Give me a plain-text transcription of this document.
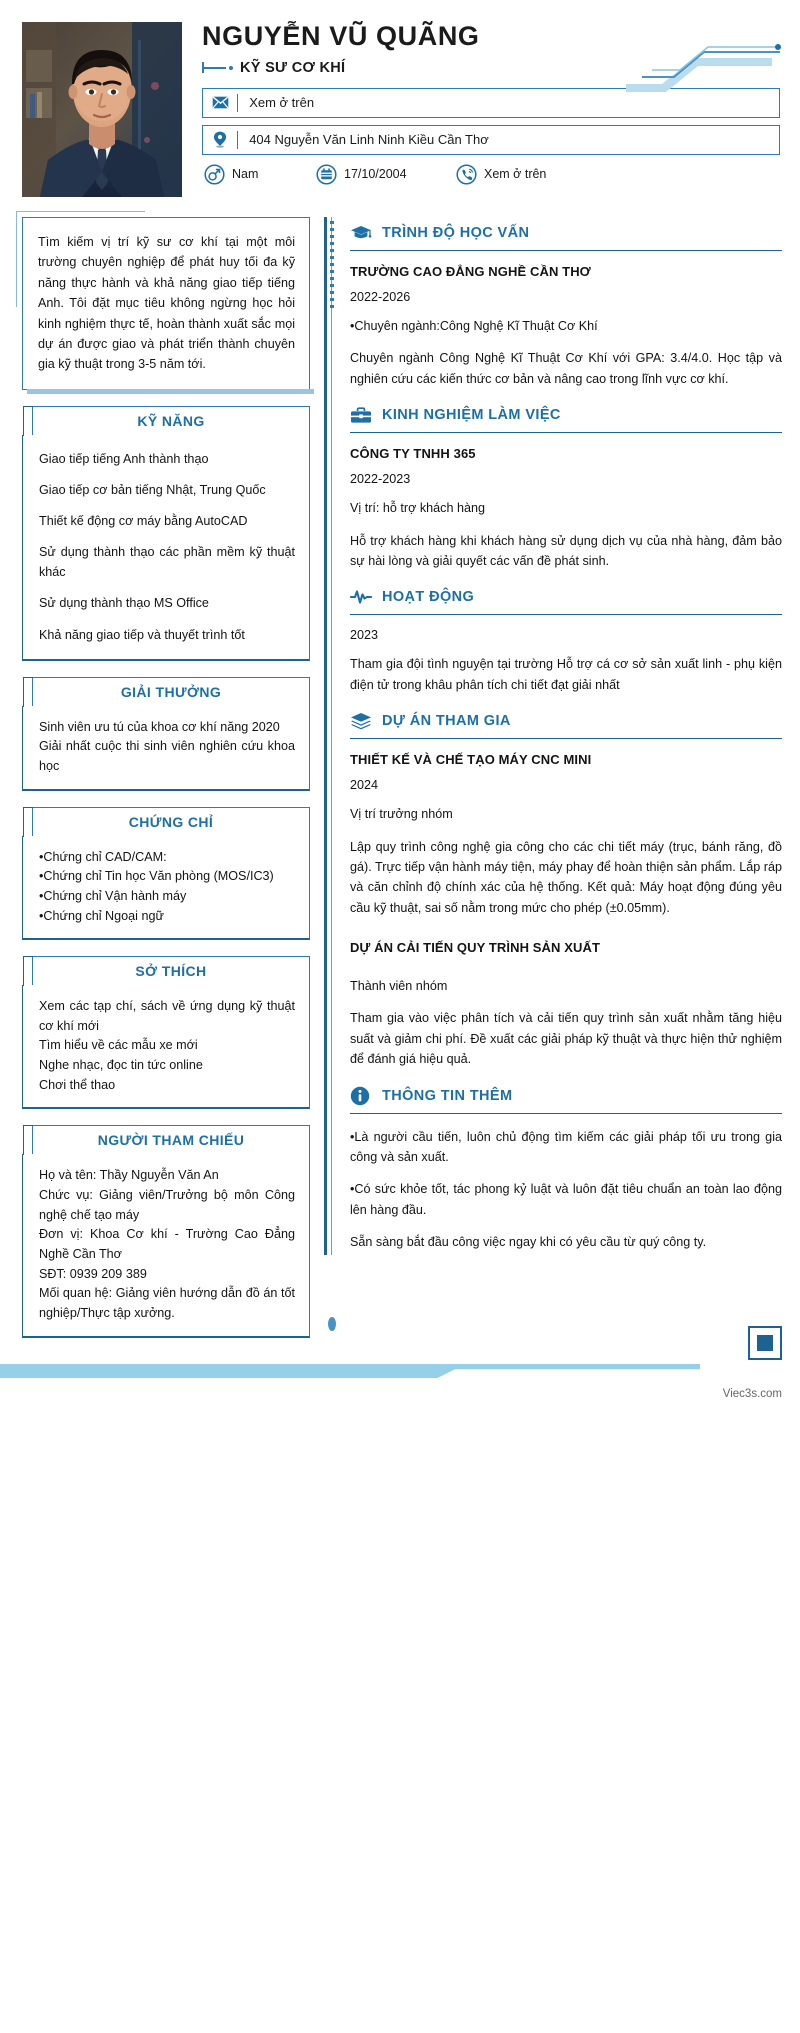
NGUYỄN VŨ QUÃNG
KỸ SƯ CƠ KHÍ
Xem ở trên
404 Nguyễn Văn Linh Ninh Kiều Cần Thơ
Nam	17/10/2004	Xem ở trên
Tìm kiếm vị trí kỹ sư cơ khí tại một môi trường chuyên nghiệp để phát huy tối đa kỹ năng thực hành và khả năng giao tiếp tiếng Anh. Tôi đặt mục tiêu không ngừng học hỏi kinh nghiệm thực tế, hoàn thành xuất sắc mọi dự án được giao và phát triển thành chuyên gia kỹ thuật trong 3-5 năm tới.
KỸ NĂNG
Giao tiếp tiếng Anh thành thạo
Giao tiếp cơ bản tiếng Nhật, Trung Quốc
Thiết kế động cơ máy bằng AutoCAD
Sử dụng thành thạo các phần mềm kỹ thuật khác
Sử dụng thành thạo MS Office
Khả năng giao tiếp và thuyết trình tốt
GIẢI THƯỞNG
Sinh viên ưu tú của khoa cơ khí năng 2020
Giải nhất cuộc thi sinh viên nghiên cứu khoa học
CHỨNG CHỈ
•Chứng chỉ CAD/CAM:
•Chứng chỉ Tin học Văn phòng (MOS/IC3)
•Chứng chỉ Vận hành máy
•Chứng chỉ Ngoại ngữ
SỞ THÍCH
Xem các tạp chí, sách về ứng dụng kỹ thuật cơ khí mới
Tìm hiểu về các mẫu xe mới
Nghe nhạc, đọc tin tức online
Chơi thể thao
NGƯỜI THAM CHIẾU
Họ và tên: Thầy Nguyễn Văn An
Chức vụ: Giảng viên/Trưởng bộ môn Công nghệ chế tạo máy
Đơn vị: Khoa Cơ khí - Trường Cao Đẳng Nghề Cần Thơ
SĐT: 0939 209 389
Mối quan hệ: Giảng viên hướng dẫn đồ án tốt nghiệp/Thực tập xưởng.
TRÌNH ĐỘ HỌC VẤN
TRƯỜNG CAO ĐẲNG NGHỀ CẦN THƠ
2022-2026
•Chuyên ngành:Công Nghệ Kĩ Thuật Cơ Khí
Chuyên ngành Công Nghệ Kĩ Thuật Cơ Khí với GPA: 3.4/4.0. Học tập và nghiên cứu các kiến thức cơ bản và nâng cao trong lĩnh vực cơ khí.
KINH NGHIỆM LÀM VIỆC
CÔNG TY TNHH 365
2022-2023
Vị trí: hỗ trợ khách hàng
Hỗ trợ khách hàng khi khách hàng sử dụng dịch vụ của nhà hàng, đảm bảo sự hài lòng và giải quyết các vấn đề phát sinh.
HOẠT ĐỘNG
2023
Tham gia đội tình nguyện tại trường Hỗ trợ cá cơ sở sản xuất linh - phụ kiện điện tử trong khâu phân tích chi tiết đạt giải nhất
DỰ ÁN THAM GIA
THIẾT KẾ VÀ CHẾ TẠO MÁY CNC MINI
2024
Vị trí trưởng nhóm
Lập quy trình công nghệ gia công cho các chi tiết máy (trục, bánh răng, đồ gá). Trực tiếp vận hành máy tiện, máy phay để hoàn thiện sản phẩm. Lắp ráp và căn chỉnh độ chính xác của hệ thống. Kết quả: Máy hoạt động đúng yêu cầu kỹ thuật, sai số nằm trong mức cho phép (±0.05mm).
DỰ ÁN CẢI TIẾN QUY TRÌNH SẢN XUẤT
Thành viên nhóm
Tham gia vào việc phân tích và cải tiến quy trình sản xuất nhằm tăng hiệu suất và giảm chi phí. Đề xuất các giải pháp kỹ thuật và thực hiện thử nghiệm để đánh giá hiệu quả.
THÔNG TIN THÊM
•Là người cầu tiến, luôn chủ động tìm kiếm các giải pháp tối ưu trong gia công và sản xuất.
•Có sức khỏe tốt, tác phong kỷ luật và luôn đặt tiêu chuẩn an toàn lao động lên hàng đầu.
Sẵn sàng bắt đầu công việc ngay khi có yêu cầu từ quý công ty.
Viec3s.com
